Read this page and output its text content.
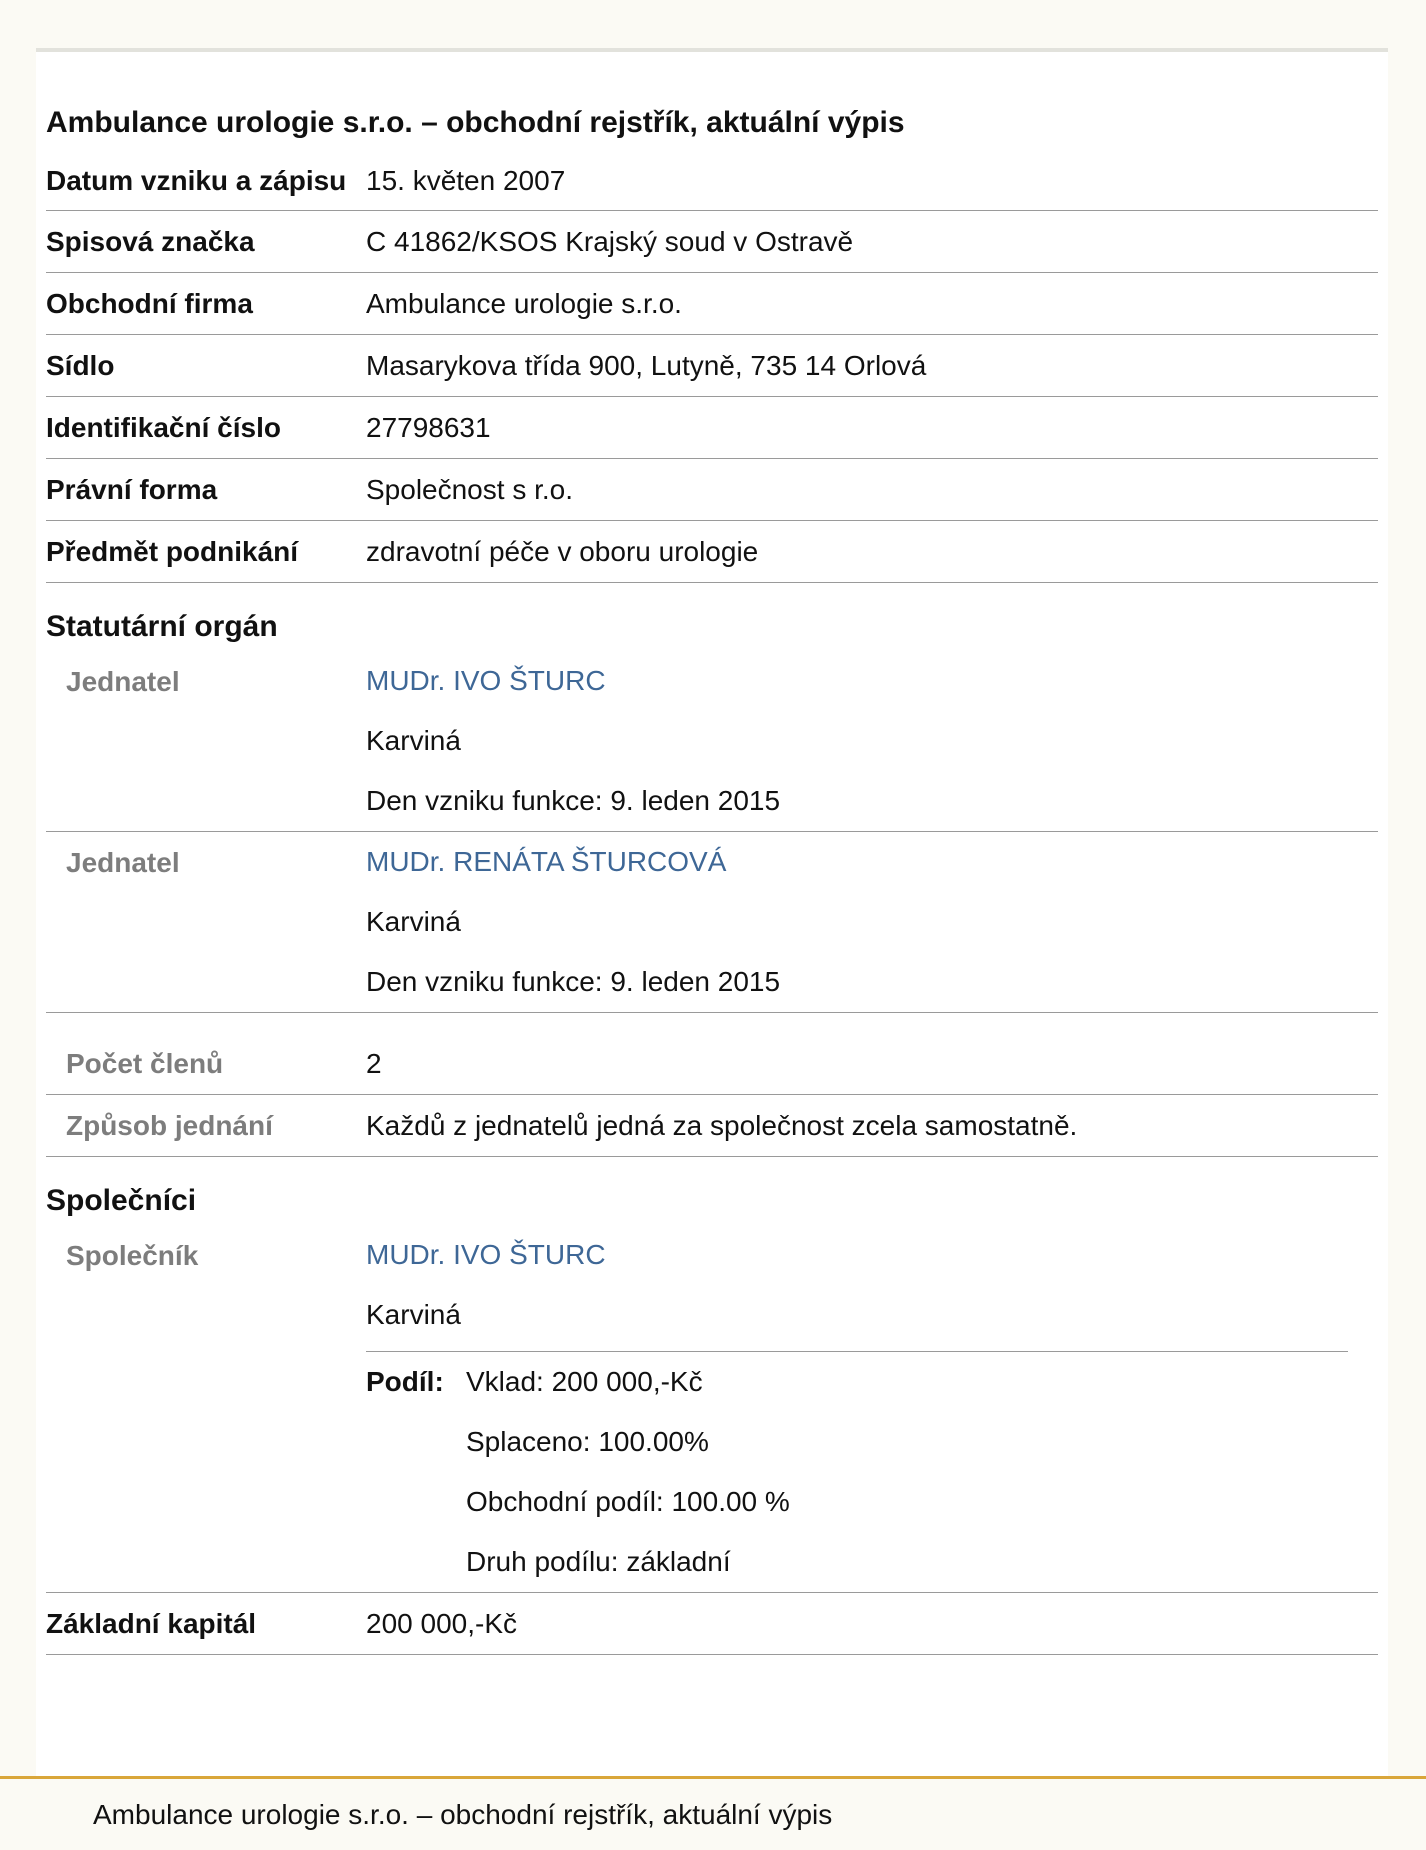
Ambulance urologie s.r.o. – obchodní rejstřík, aktuální výpis
Datum vzniku a zápisu 15. květen 2007
Spisová značka	C 41862/KSOS Krajský soud v Ostravě
Obchodní firma	Ambulance urologie s.r.o.
Sídlo	Masarykova třída 900, Lutyně, 735 14 Orlová
Identifikační číslo	27798631
Právní forma	Společnost s r.o.
Předmět podnikání	zdravotní péče v oboru urologie
Statutární orgán
Jednatel	MUDr. IVO ŠTURC
Karviná
Den vzniku funkce: 9. leden 2015
Jednatel	MUDr. RENÁTA ŠTURCOVÁ
Karviná
Den vzniku funkce: 9. leden 2015
Počet členů	2
Způsob jednání	Každů z jednatelů jedná za společnost zcela samostatně.
Společníci
Společník	MUDr. IVO ŠTURC
Karviná
Podíl: Vklad: 200 000,-Kč
Splaceno: 100.00%
Obchodní podíl: 100.00 %
Druh podílu: základní
Základní kapitál	200 000,-Kč
Ambulance urologie s.r.o. – obchodní rejstřík, aktuální výpis
